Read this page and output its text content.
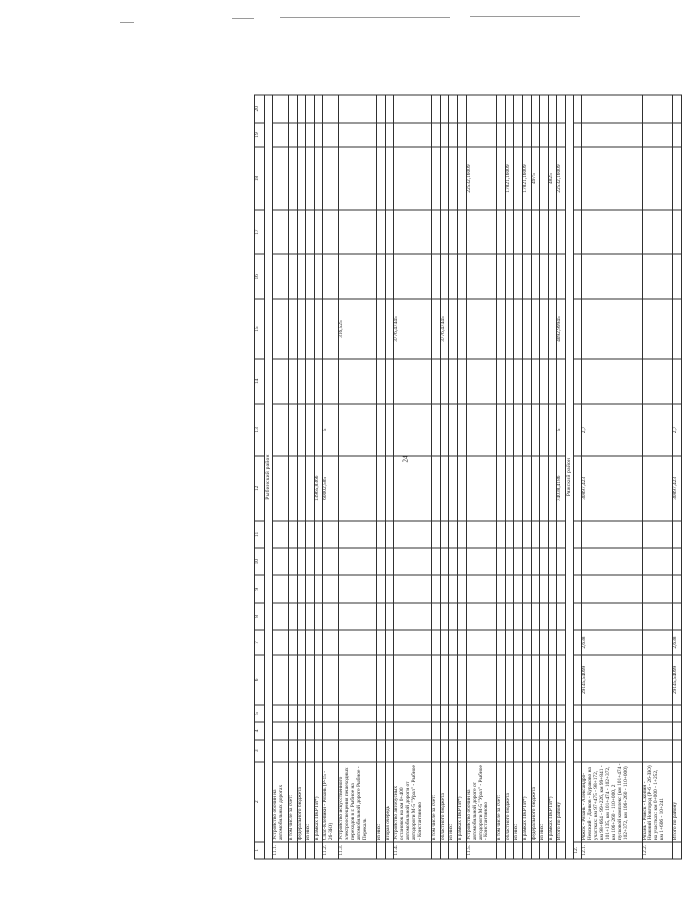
24
1	2	3	4	5	6	7	8	9	10	11	12	13	14	15	16	17	18	19	20
Рыбинский район																			
11.1.	Устройство обочин на автомобильных дорогах																		
	в том числе за счет:																		
	федерального бюджета																		
	из них:																		
	в рамках ПКРТИ*)										13965,8366								
11.2.	Спас-Клепики - Рязань (Р-15 - 26-ЗЮ)										60002,585	5							
11.3.	Устройство искусственного электроосвещения пешеходных переходов в г. Рыбное на автомобильной дороге Рыбное - Перекаль													316,525					
	из них:																		
	вторая очередь																		
11.4.	Устройство автобусных остановок на км 0+400 автомобильной дороги от автодороги М-5 "Урал" - Рыбное - Константиново													3776,47445					
	в том числе за счет:																		
	областного бюджета													3776,47445					
	из них:																		
	в рамках ПКРТИ*)																		
11.5.	Устройство обочин на автомобильной дороге от автодороги М-5 "Урал" - Рыбное - Константиново																22532,16009		
	в том числе за счет:																		
	областного бюджета																17821,16009		
	из них:																		
	в рамках ПКРТИ*)																17821,16009		
	федерального бюджета																4975		
	из них:																		
	в рамках ПКРТИ*)																4825		
	Итого по району										74038,4186	5		4092,99945			22532,16009		
Ряжский район																			
12.																			
12.1.	Ряжск - Рязань - Александро-Невский - Данков - Кураково на участках: км 97+475 - 98+172, км 98+664 - 99+226, км 99+841 - 101+135, км 101+474 - 102+372, км 106+260 - 110+000, 2 пусковой комплекс (км 101+474 - 102+372, км 106+260 - 110+000)				29145,54099	2,638					30897,423	2,7							
12.2.	Рязань - Ряжск - Скопин - Нижний Новгород (Р-6 - 26-ЗЮ) на участках: км 0+000 - 1+252, км 1+606 - 10+241																		
	Итого по району				29145,54099	2,638					30897,423	2,7							
